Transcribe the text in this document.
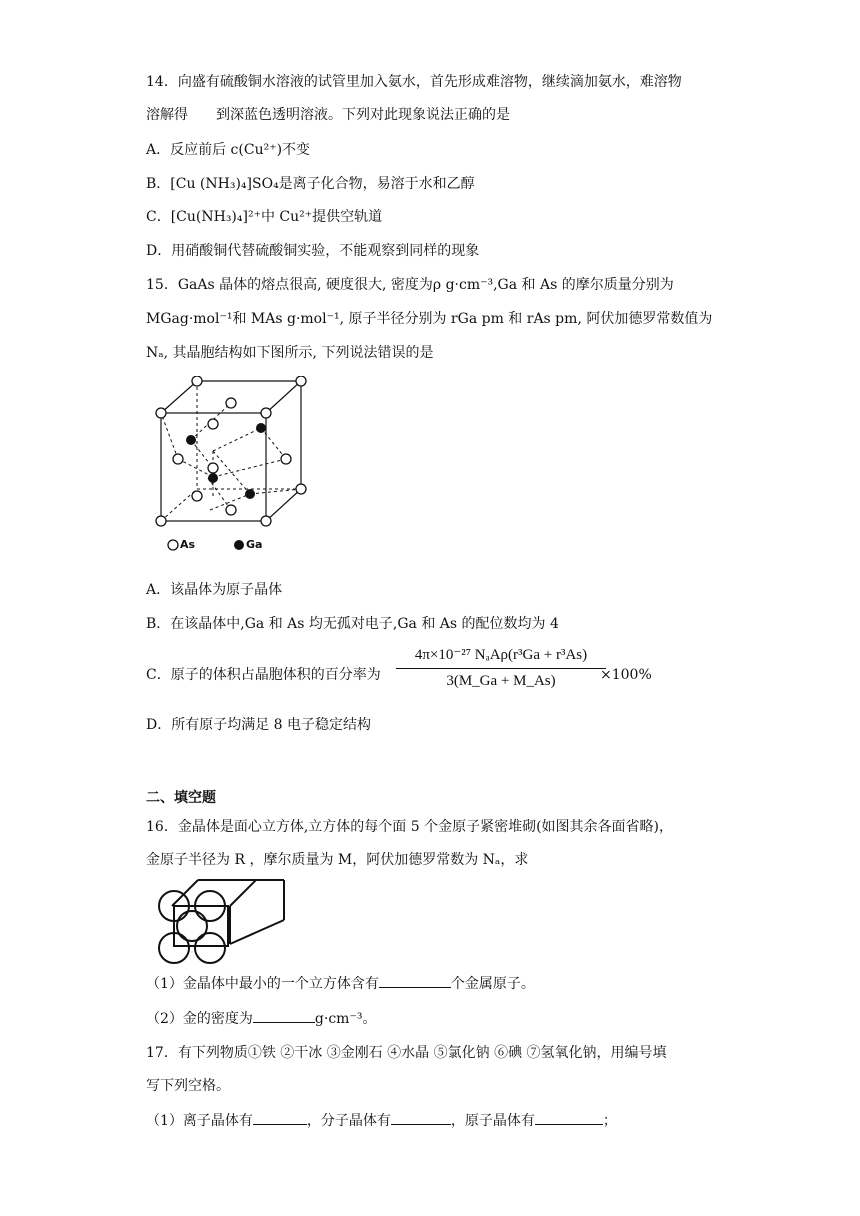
14．向盛有硫酸铜水溶液的试管里加入氨水，首先形成难溶物，继续滴加氨水，难溶物
溶解得　　到深蓝色透明溶液。下列对此现象说法正确的是
A．反应前后 c(Cu²⁺)不变
B．[Cu (NH₃)₄]SO₄是离子化合物，易溶于水和乙醇
C．[Cu(NH₃)₄]²⁺中 Cu²⁺提供空轨道
D．用硝酸铜代替硫酸铜实验，不能观察到同样的现象
15．GaAs 晶体的熔点很高, 硬度很大, 密度为ρ g·cm⁻³,Ga 和 As 的摩尔质量分别为
MGag·mol⁻¹和 MAs g·mol⁻¹, 原子半径分别为 rGa pm 和 rAs pm, 阿伏加德罗常数值为
Nₐ, 其晶胞结构如下图所示, 下列说法错误的是
As	Ga
A．该晶体为原子晶体
B．在该晶体中,Ga 和 As 均无孤对电子,Ga 和 As 的配位数均为 4
C．原子的体积占晶胞体积的百分率为
4π×10⁻²⁷ NₐAρ(r³Ga + r³As)
3(M_Ga + M_As)	×100%
D．所有原子均满足 8 电子稳定结构
二、填空题
16．金晶体是面心立方体,立方体的每个面 5 个金原子紧密堆砌(如图其余各面省略)，
金原子半径为 R ，摩尔质量为 M，阿伏加德罗常数为 Nₐ，求
（1）金晶体中最小的一个立方体含有	个金属原子。
（2）金的密度为	g·cm⁻³。
17．有下列物质①铁 ②干冰 ③金刚石 ④水晶 ⑤氯化钠 ⑥碘 ⑦氢氧化钠，用编号填
写下列空格。
（1）离子晶体有	，分子晶体有	，原子晶体有	；
